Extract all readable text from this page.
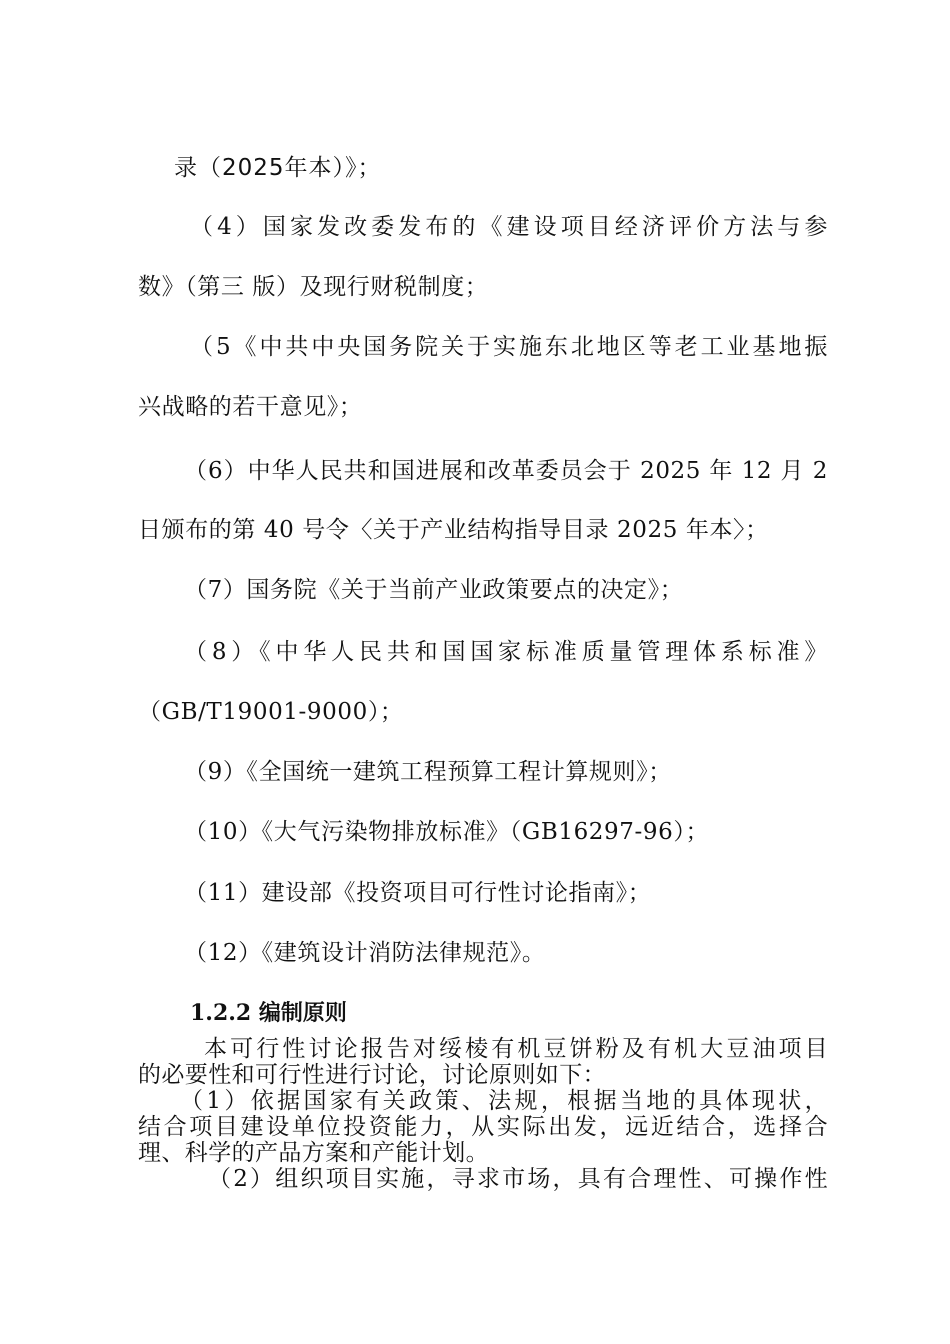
录（2025年本）》；
（4）国家发改委发布的《建设项目经济评价方法与参
数》（第三 版）及现行财税制度；
（5《中共中央国务院关于实施东北地区等老工业基地振
兴战略的若干意见》；
（6）中华人民共和国进展和改革委员会于 2025 年 12 月 2
日颁布的第 40 号令〈关于产业结构指导目录 2025 年本〉；
（7）国务院《关于当前产业政策要点的决定》；
（8）《中华人民共和国国家标准质量管理体系标准》
（GB/T19001-9000）；
（9）《全国统一建筑工程预算工程计算规则》；
（10）《大气污染物排放标准》（GB16297-96）；
（11）建设部《投资项目可行性讨论指南》；
（12）《建筑设计消防法律规范》。
1.2.2 编制原则
本可行性讨论报告对绥棱有机豆饼粉及有机大豆油项目
的必要性和可行性进行讨论，讨论原则如下：
（1）依据国家有关政策、法规，根据当地的具体现状，
结合项目建设单位投资能力，从实际出发，远近结合，选择合
理、科学的产品方案和产能计划。
（2）组织项目实施，寻求市场，具有合理性、可操作性
